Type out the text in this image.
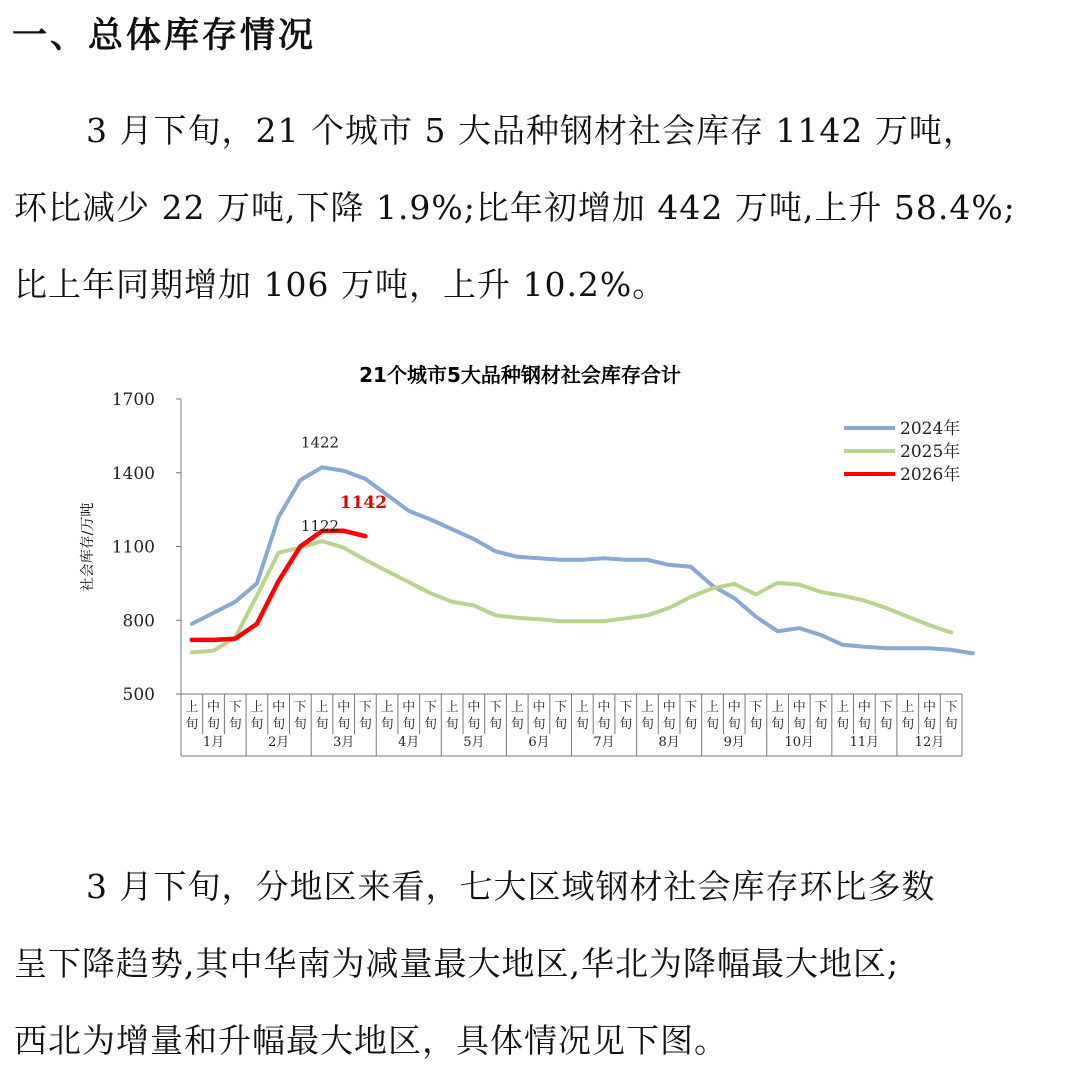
一、总体库存情况
3 月下旬，21 个城市 5 大品种钢材社会库存 1142 万吨，
环比减少 22 万吨,下降 1.9%;比年初增加 442 万吨,上升 58.4%;
比上年同期增加 106 万吨，上升 10.2%。
21个城市5大品种钢材社会库存合计
社会库存/万吨
500
800
1100
1400
1700
上旬
中旬
下旬
上旬
中旬
下旬
上旬
中旬
下旬
上旬
中旬
下旬
上旬
中旬
下旬
上旬
中旬
下旬
上旬
中旬
下旬
上旬
中旬
下旬
上旬
中旬
下旬
上旬
中旬
下旬
上旬
中旬
下旬
上旬
中旬
下旬
1月	2月	3月	4月	5月	6月	7月	8月	9月	10月	11月	12月
1422
1122
1142
2024年
2025年
2026年
3 月下旬，分地区来看，七大区域钢材社会库存环比多数
呈下降趋势,其中华南为减量最大地区,华北为降幅最大地区;
西北为增量和升幅最大地区，具体情况见下图。
